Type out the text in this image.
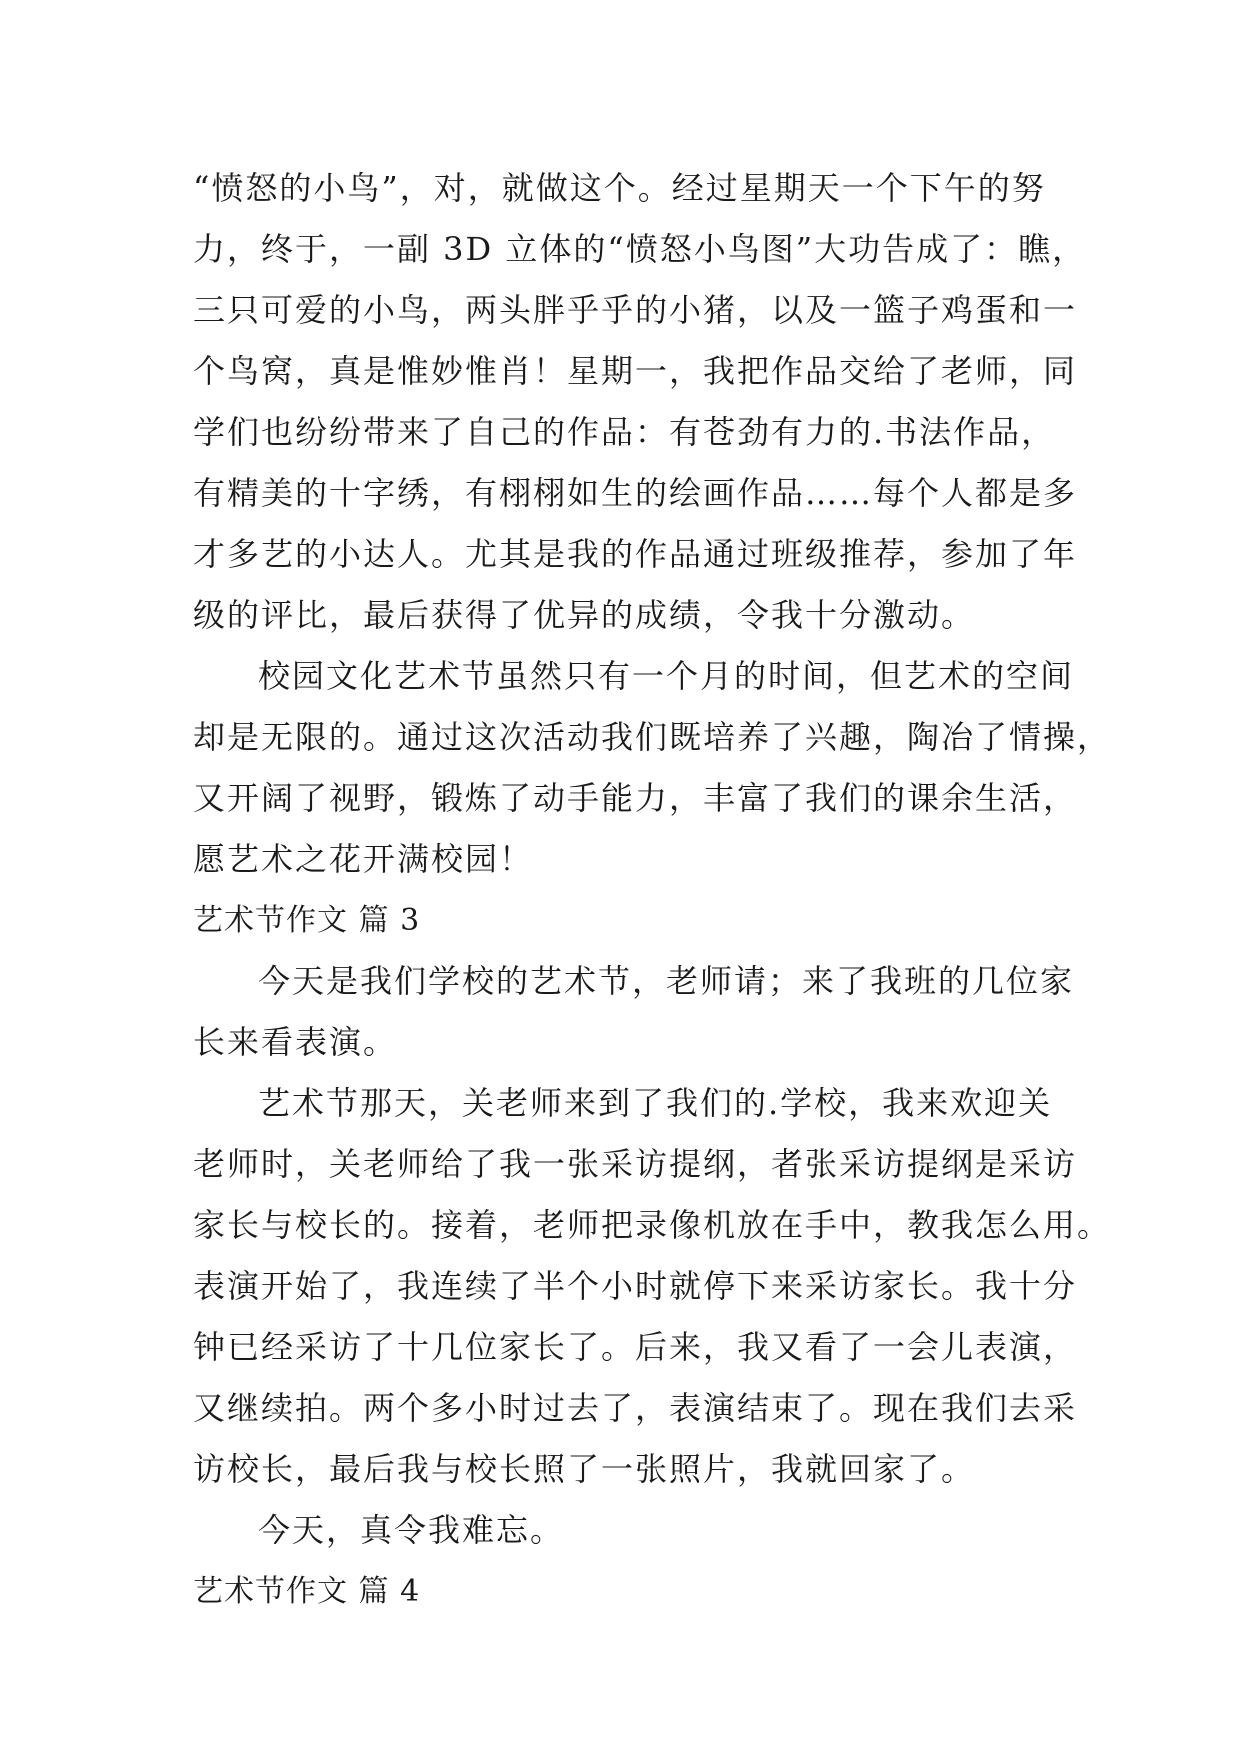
“愤怒的小鸟”，对，就做这个。经过星期天一个下午的努
力，终于，一副 3D 立体的“愤怒小鸟图”大功告成了：瞧，
三只可爱的小鸟，两头胖乎乎的小猪，以及一篮子鸡蛋和一
个鸟窝，真是惟妙惟肖！星期一，我把作品交给了老师，同
学们也纷纷带来了自己的作品：有苍劲有力的.书法作品，
有精美的十字绣，有栩栩如生的绘画作品……每个人都是多
才多艺的小达人。尤其是我的作品通过班级推荐，参加了年
级的评比，最后获得了优异的成绩，令我十分激动。
校园文化艺术节虽然只有一个月的时间，但艺术的空间
却是无限的。通过这次活动我们既培养了兴趣，陶冶了情操，
又开阔了视野，锻炼了动手能力，丰富了我们的课余生活，
愿艺术之花开满校园！
艺术节作文 篇 3
今天是我们学校的艺术节，老师请；来了我班的几位家
长来看表演。
艺术节那天，关老师来到了我们的.学校，我来欢迎关
老师时，关老师给了我一张采访提纲，者张采访提纲是采访
家长与校长的。接着，老师把录像机放在手中，教我怎么用。
表演开始了，我连续了半个小时就停下来采访家长。我十分
钟已经采访了十几位家长了。后来，我又看了一会儿表演，
又继续拍。两个多小时过去了，表演结束了。现在我们去采
访校长，最后我与校长照了一张照片，我就回家了。
今天，真令我难忘。
艺术节作文 篇 4
